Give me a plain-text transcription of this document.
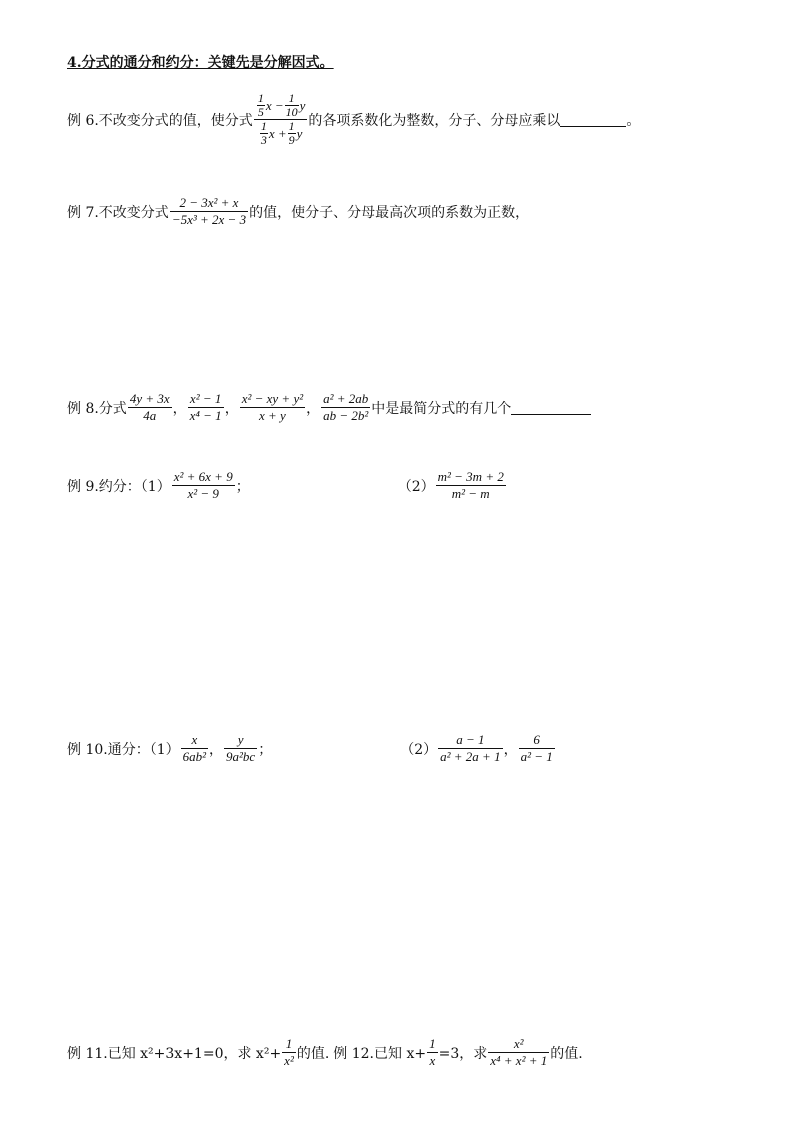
4.分式的通分和约分：关键先是分解因式。
例 6.不改变分式的值，使分式 $\frac{\frac{1}{5} x - \frac{1}{10} y}{\frac{1}{3} x + \frac{1}{9} y}$ 的各项系数化为整数，分子、分母应乘以	。
例 7.不改变分式 $\frac{\text{2 − 3x² + x}}{\text{−5x³ + 2x − 3}}$ 的值，使分子、分母最高次项的系数为正数，
例 8.分式 $\frac{4y + 3x}{4a}$ ， $\frac{\text{x² − 1}}{\text{x⁴ − 1}}$ ， $\frac{\text{x² − xy + y²}}{x + y}$ ， $\frac{\text{a² + 2ab}}{\text{ab − 2b²}}$ 中是最简分式的有几个
例 9.约分：$(1) \frac{\text{x² + 6x + 9}}{\text{x² − 9}}$ ；	$(2) \frac{\text{m² − 3m + 2}}{\text{m² − m}}$
例 10.通分：$(1) \frac{x}{\text{6ab²}}$ ， $\frac{y}{\text{9a²bc}}$ ；	$(2) \frac{a - 1}{\text{a² + 2a + 1}}$ ， $\frac{6}{\text{a² − 1}}$
例 11.已知 x²+3x+1=0，求 $x^2+ \frac{1}{\text{x²}}$ 的值. 例 12.已知 $x+ \frac{1}{x} =3$，求 $\frac{\text{x²}}{\text{x⁴ + x² + 1}}$ 的值.
